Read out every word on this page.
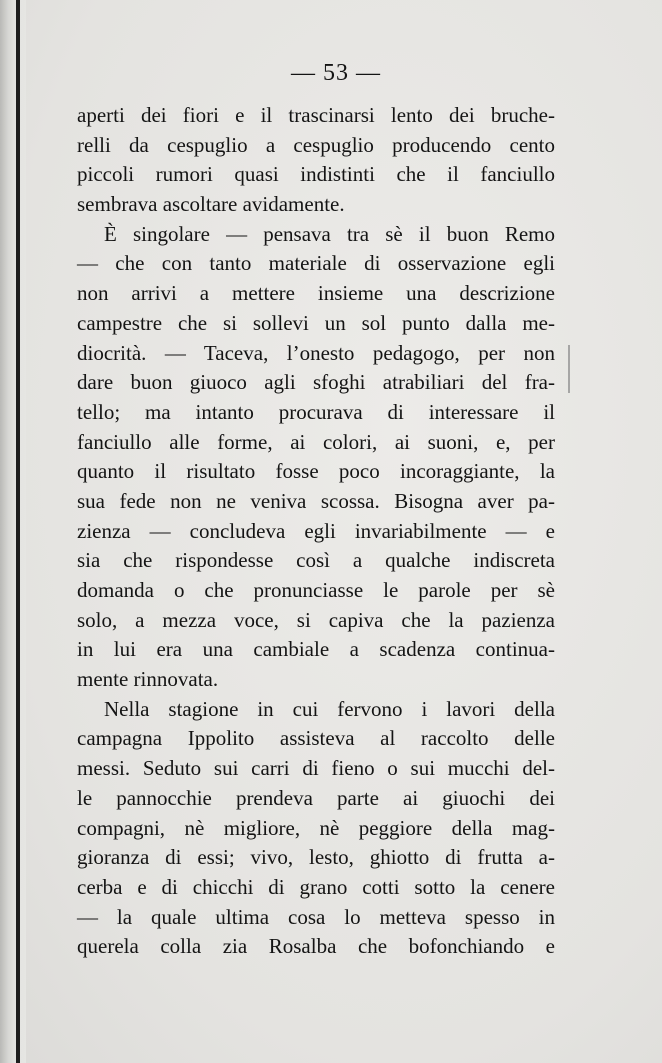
— 53 —
aperti dei fiori e il trascinarsi lento dei bruche-
relli da cespuglio a cespuglio producendo cento
piccoli rumori quasi indistinti che il fanciullo
sembrava ascoltare avidamente.
È singolare — pensava tra sè il buon Remo
— che con tanto materiale di osservazione egli
non arrivi a mettere insieme una descrizione
campestre che si sollevi un sol punto dalla me-
diocrità. — Taceva, l’onesto pedagogo, per non
dare buon giuoco agli sfoghi atrabiliari del fra-
tello; ma intanto procurava di interessare il
fanciullo alle forme, ai colori, ai suoni, e, per
quanto il risultato fosse poco incoraggiante, la
sua fede non ne veniva scossa. Bisogna aver pa-
zienza — concludeva egli invariabilmente — e
sia che rispondesse così a qualche indiscreta
domanda o che pronunciasse le parole per sè
solo, a mezza voce, si capiva che la pazienza
in lui era una cambiale a scadenza continua-
mente rinnovata.
Nella stagione in cui fervono i lavori della
campagna Ippolito assisteva al raccolto delle
messi. Seduto sui carri di fieno o sui mucchi del-
le pannocchie prendeva parte ai giuochi dei
compagni, nè migliore, nè peggiore della mag-
gioranza di essi; vivo, lesto, ghiotto di frutta a-
cerba e di chicchi di grano cotti sotto la cenere
— la quale ultima cosa lo metteva spesso in
querela colla zia Rosalba che bofonchiando e
